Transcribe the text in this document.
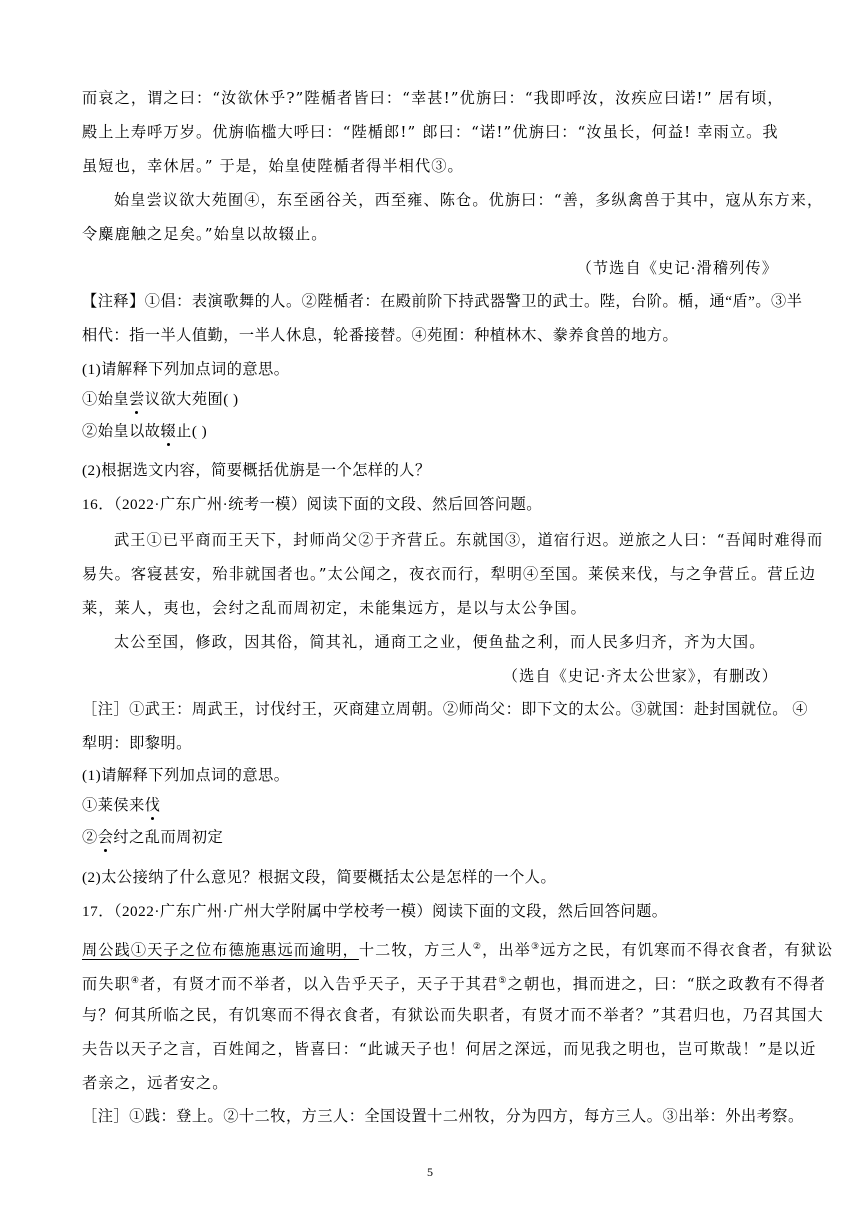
而哀之，谓之曰：“汝欲休乎?”陛楯者皆曰：“幸甚!”优旃曰：“我即呼汝，汝疾应曰诺!” 居有顷，
殿上上寿呼万岁。优旃临槛大呼曰：“陛楯郎!” 郎曰：“诺!”优旃曰：“汝虽长，何益! 幸雨立。我
虽短也，幸休居。” 于是，始皇使陛楯者得半相代③。
始皇尝议欲大苑囿④，东至函谷关，西至雍、陈仓。优旃曰：“善，多纵禽兽于其中，寇从东方来，
令麋鹿触之足矣。”始皇以故辍止。
（节选自《史记·滑稽列传》
【注释】①倡：表演歌舞的人。②陛楯者：在殿前阶下持武器警卫的武士。陛，台阶。楯，通“盾”。③半
相代：指一半人值勤，一半人休息，轮番接替。④苑囿：种植林木、豢养食兽的地方。
(1)请解释下列加点词的意思。
①始皇尝议欲大苑囿( )
②始皇以故辍止( )
(2)根据选文内容，简要概括优旃是一个怎样的人？
16．（2022·广东广州·统考一模）阅读下面的文段、然后回答问题。
武王①已平商而王天下，封师尚父②于齐营丘。东就国③，道宿行迟。逆旅之人曰：“吾闻时难得而
易失。客寝甚安，殆非就国者也。”太公闻之，夜衣而行，犁明④至国。莱侯来伐，与之争营丘。营丘边
莱，莱人，夷也，会纣之乱而周初定，未能集远方，是以与太公争国。
太公至国，修政，因其俗，简其礼，通商工之业，便鱼盐之利，而人民多归齐，齐为大国。
（选自《史记·齐太公世家》，有删改）
［注］①武王：周武王，讨伐纣王，灭商建立周朝。②师尚父：即下文的太公。③就国：赴封国就位。 ④
犁明：即黎明。
(1)请解释下列加点词的意思。
①莱侯来伐
②会纣之乱而周初定
(2)太公接纳了什么意见？根据文段，简要概括太公是怎样的一个人。
17．（2022·广东广州·广州大学附属中学校考一模）阅读下面的文段，然后回答问题。
周公践①天子之位布德施惠远而逾明，十二牧，方三人②，出举③远方之民，有饥寒而不得衣食者，有狱讼
而失职④者，有贤才而不举者，以入告乎天子，天子于其君⑤之朝也，揖而进之，曰：“朕之政教有不得者
与？何其所临之民，有饥寒而不得衣食者，有狱讼而失职者，有贤才而不举者？”其君归也，乃召其国大
夫告以天子之言，百姓闻之，皆喜曰：“此诚天子也！何居之深远，而见我之明也，岂可欺哉！”是以近
者亲之，远者安之。
［注］①践：登上。②十二牧，方三人：全国设置十二州牧，分为四方，每方三人。③出举：外出考察。
5
